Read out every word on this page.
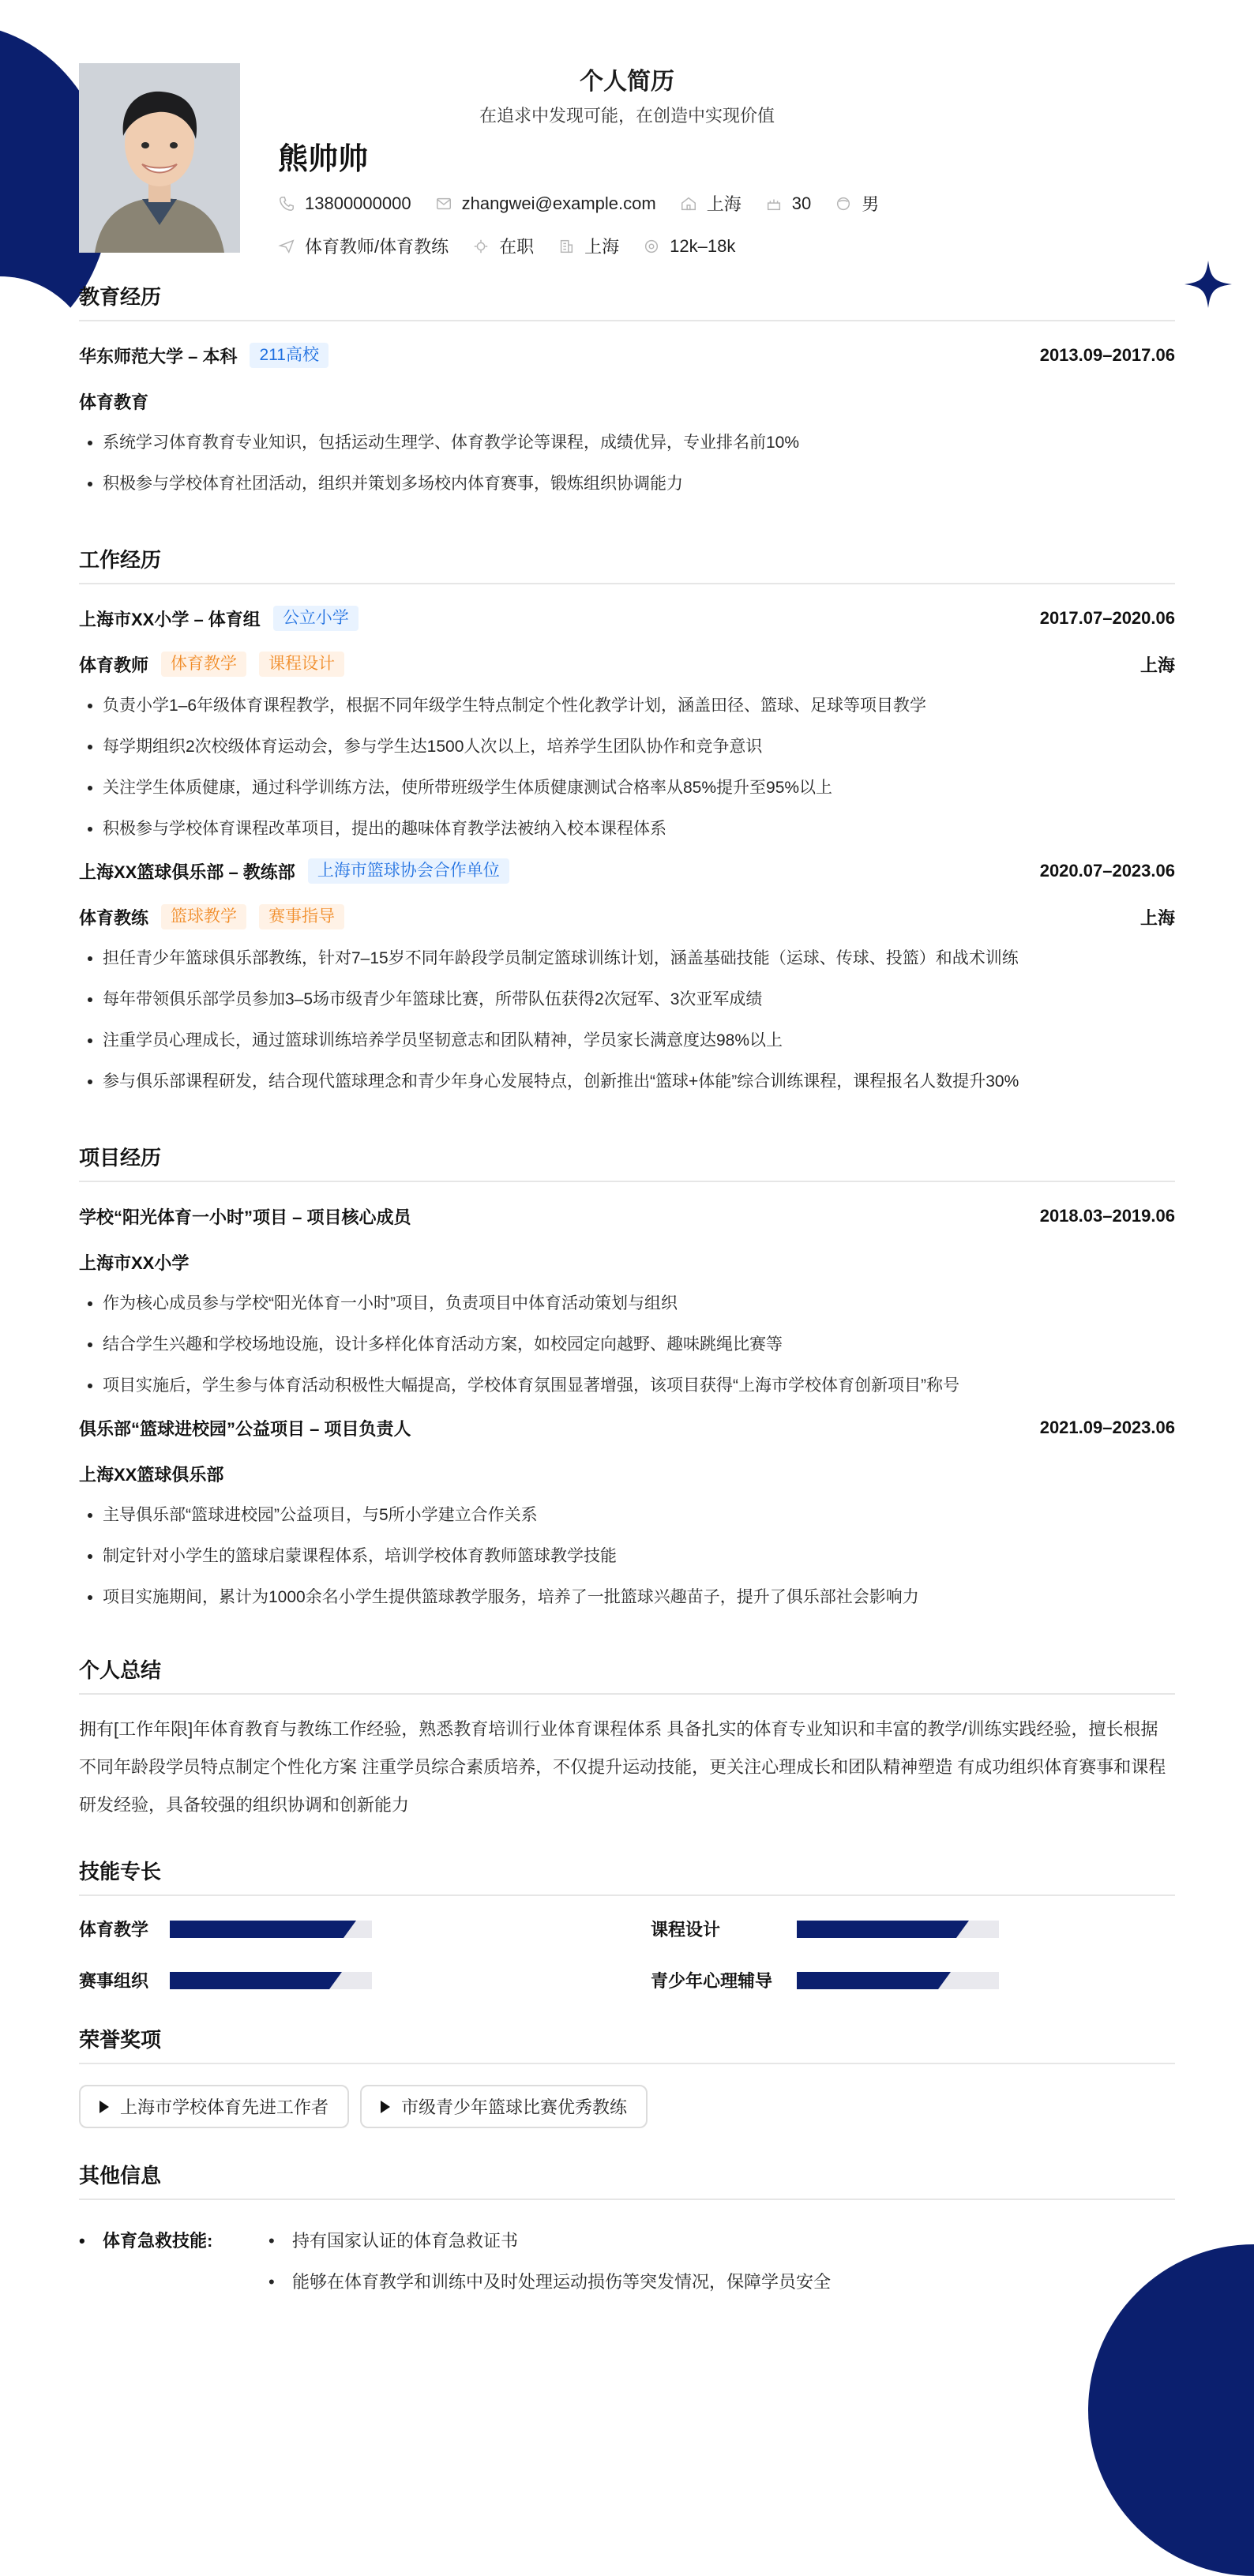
个人简历
在追求中发现可能，在创造中实现价值
熊帅帅
13800000000	zhangwei@example.com	上海	30	男
体育教师/体育教练	在职	上海	12k–18k
教育经历
华东师范大学 – 本科	211高校	2013.09–2017.06
体育教育
• 系统学习体育教育专业知识，包括运动生理学、体育教学论等课程，成绩优异，专业排名前10%
• 积极参与学校体育社团活动，组织并策划多场校内体育赛事，锻炼组织协调能力
工作经历
上海市XX小学 – 体育组	公立小学	2017.07–2020.06
体育教师	体育教学	课程设计	上海
• 负责小学1–6年级体育课程教学，根据不同年级学生特点制定个性化教学计划，涵盖田径、篮球、足球等项目教学
• 每学期组织2次校级体育运动会，参与学生达1500人次以上，培养学生团队协作和竞争意识
• 关注学生体质健康，通过科学训练方法，使所带班级学生体质健康测试合格率从85%提升至95%以上
• 积极参与学校体育课程改革项目，提出的趣味体育教学法被纳入校本课程体系
上海XX篮球俱乐部 – 教练部	上海市篮球协会合作单位	2020.07–2023.06
体育教练	篮球教学	赛事指导	上海
• 担任青少年篮球俱乐部教练，针对7–15岁不同年龄段学员制定篮球训练计划，涵盖基础技能（运球、传球、投篮）和战术训练
• 每年带领俱乐部学员参加3–5场市级青少年篮球比赛，所带队伍获得2次冠军、3次亚军成绩
• 注重学员心理成长，通过篮球训练培养学员坚韧意志和团队精神，学员家长满意度达98%以上
• 参与俱乐部课程研发，结合现代篮球理念和青少年身心发展特点，创新推出“篮球+体能”综合训练课程，课程报名人数提升30%
项目经历
学校“阳光体育一小时”项目 – 项目核心成员	2018.03–2019.06
上海市XX小学
• 作为核心成员参与学校“阳光体育一小时”项目，负责项目中体育活动策划与组织
• 结合学生兴趣和学校场地设施，设计多样化体育活动方案，如校园定向越野、趣味跳绳比赛等
• 项目实施后，学生参与体育活动积极性大幅提高，学校体育氛围显著增强，该项目获得“上海市学校体育创新项目”称号
俱乐部“篮球进校园”公益项目 – 项目负责人	2021.09–2023.06
上海XX篮球俱乐部
• 主导俱乐部“篮球进校园”公益项目，与5所小学建立合作关系
• 制定针对小学生的篮球启蒙课程体系，培训学校体育教师篮球教学技能
• 项目实施期间，累计为1000余名小学生提供篮球教学服务，培养了一批篮球兴趣苗子，提升了俱乐部社会影响力
个人总结
拥有[工作年限]年体育教育与教练工作经验，熟悉教育培训行业体育课程体系 具备扎实的体育专业知识和丰富的教学/训练实践经验，擅长根据不同年龄段学员特点制定个性化方案 注重学员综合素质培养，不仅提升运动技能，更关注心理成长和团队精神塑造 有成功组织体育赛事和课程研发经验，具备较强的组织协调和创新能力
技能专长
体育教学	课程设计
赛事组织	青少年心理辅导
荣誉奖项
上海市学校体育先进工作者	市级青少年篮球比赛优秀教练
其他信息
• 体育急救技能:
•	持有国家认证的体育急救证书
• 能够在体育教学和训练中及时处理运动损伤等突发情况，保障学员安全
